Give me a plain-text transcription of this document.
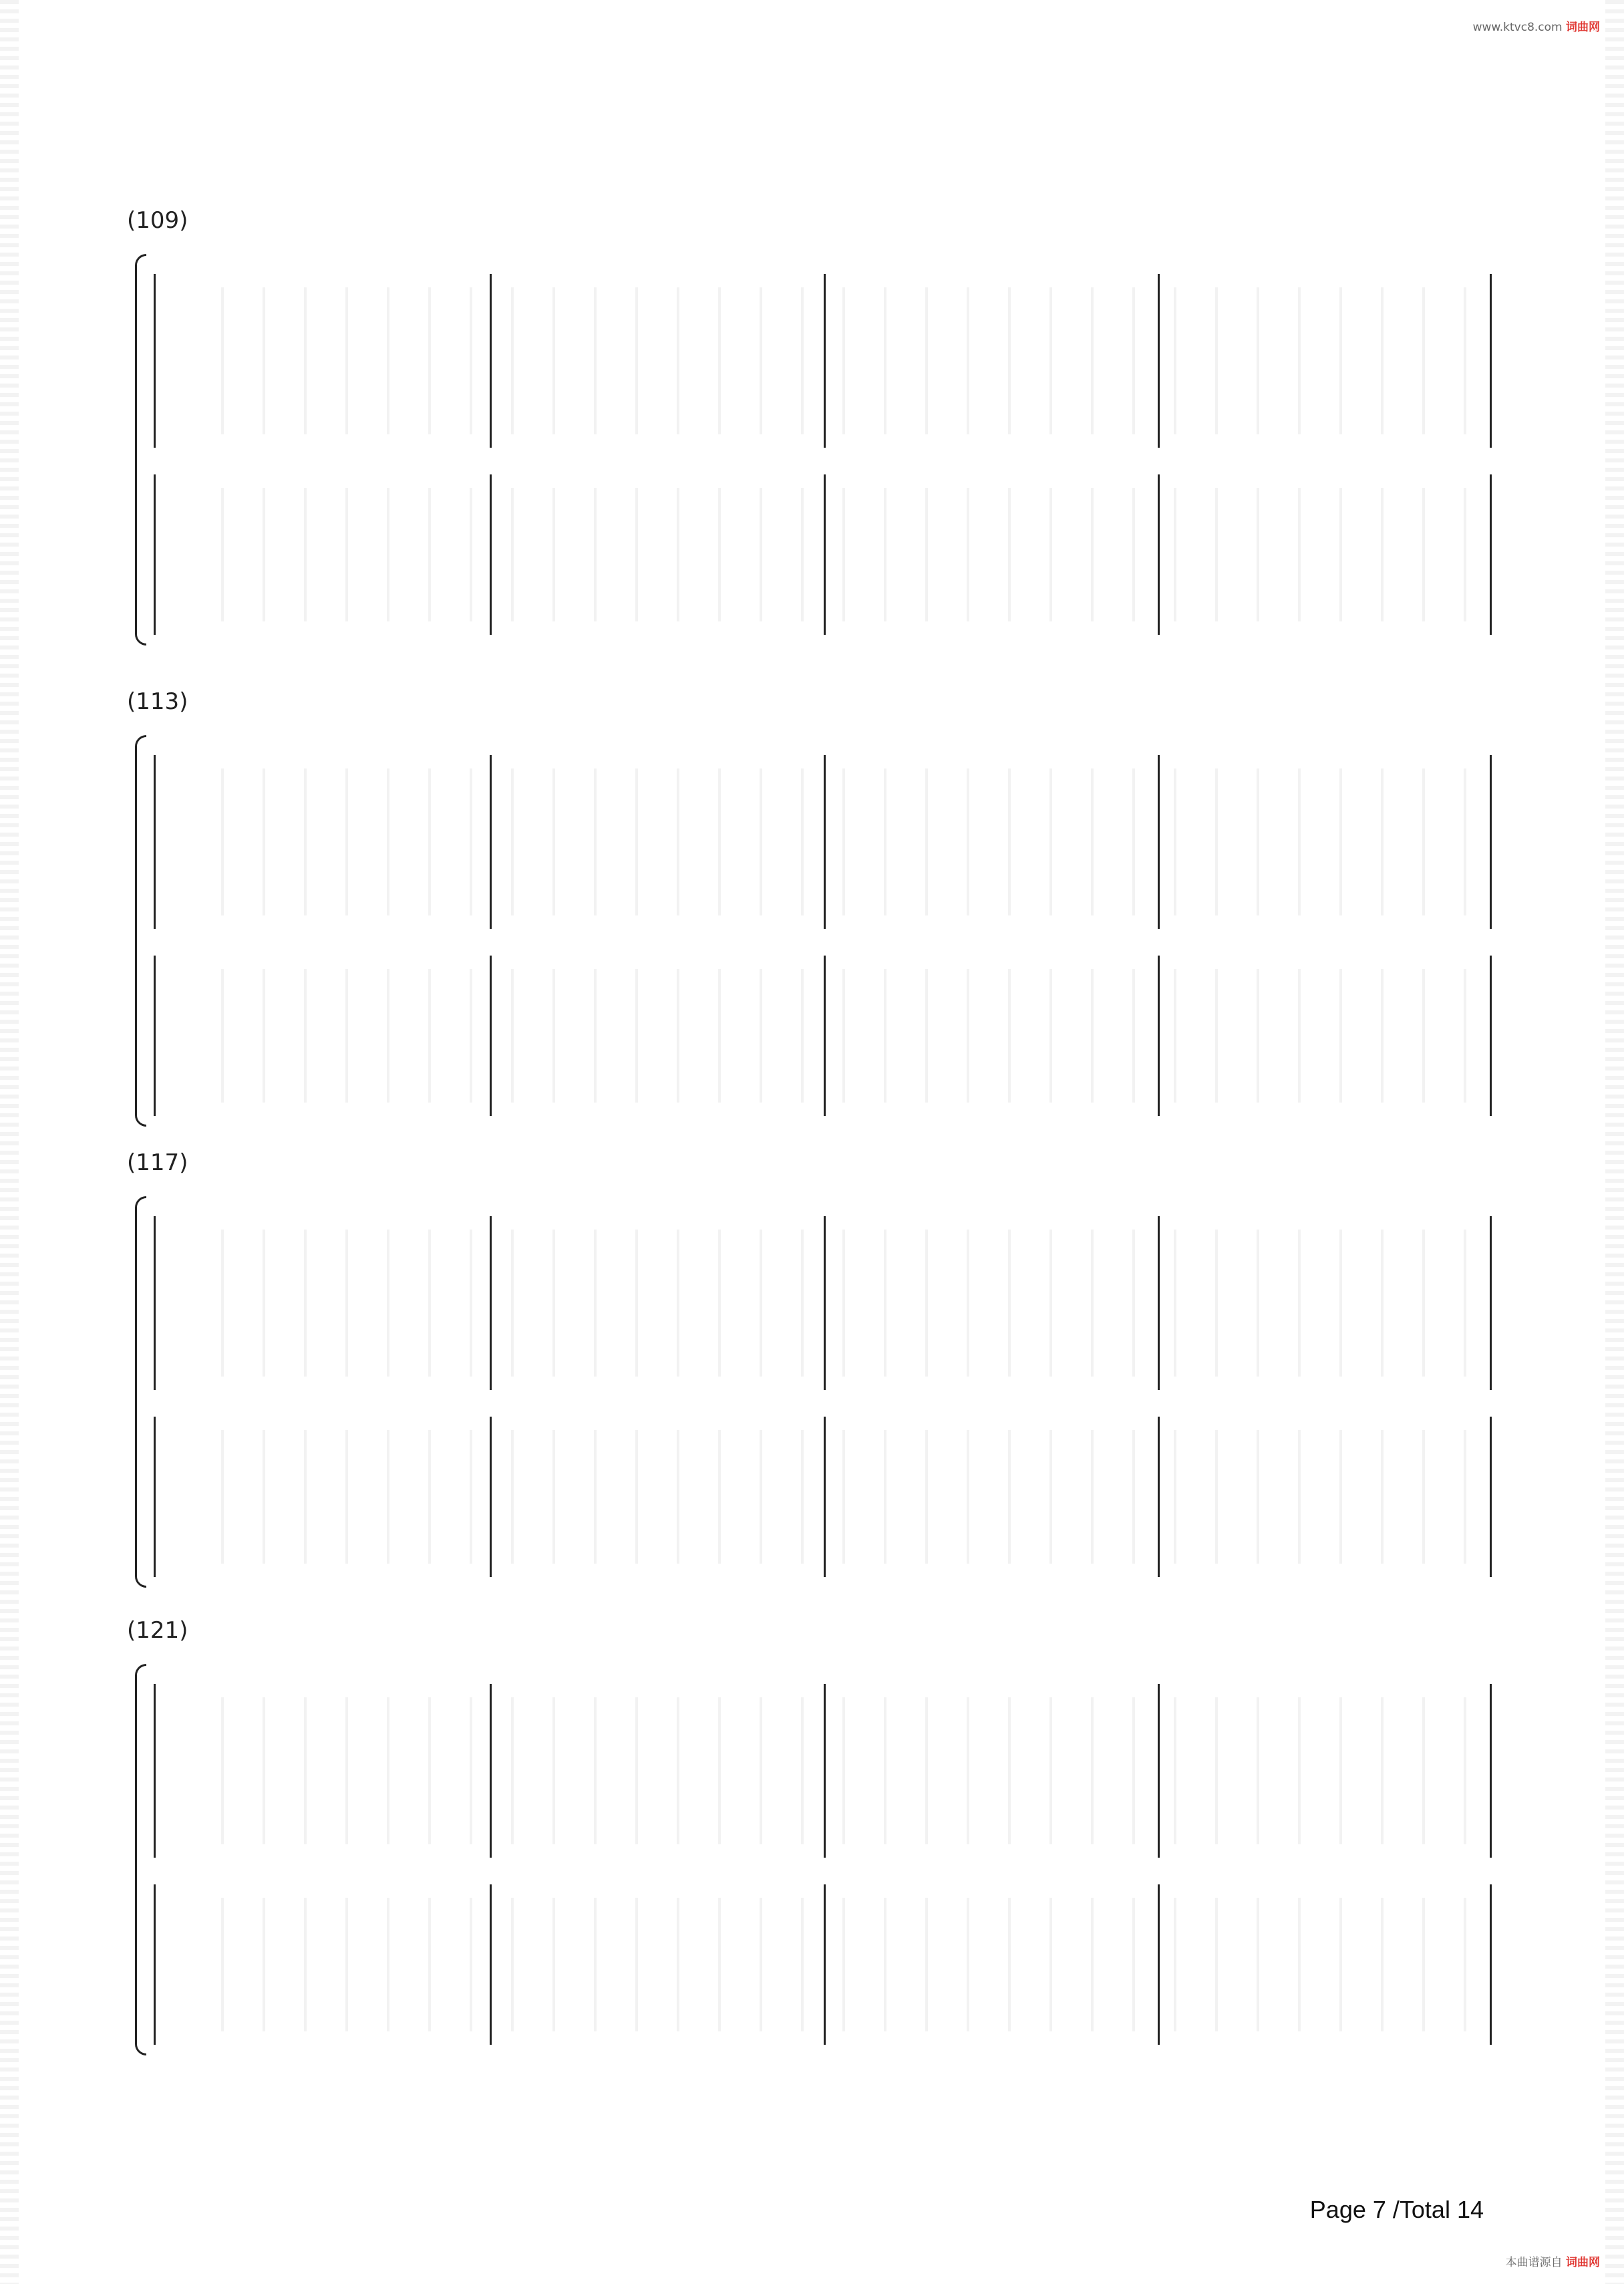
www.ktvc8.com 词曲网
(109)
(113)
(117)
(121)
Page 7 /Total 14
本曲谱源自 词曲网
